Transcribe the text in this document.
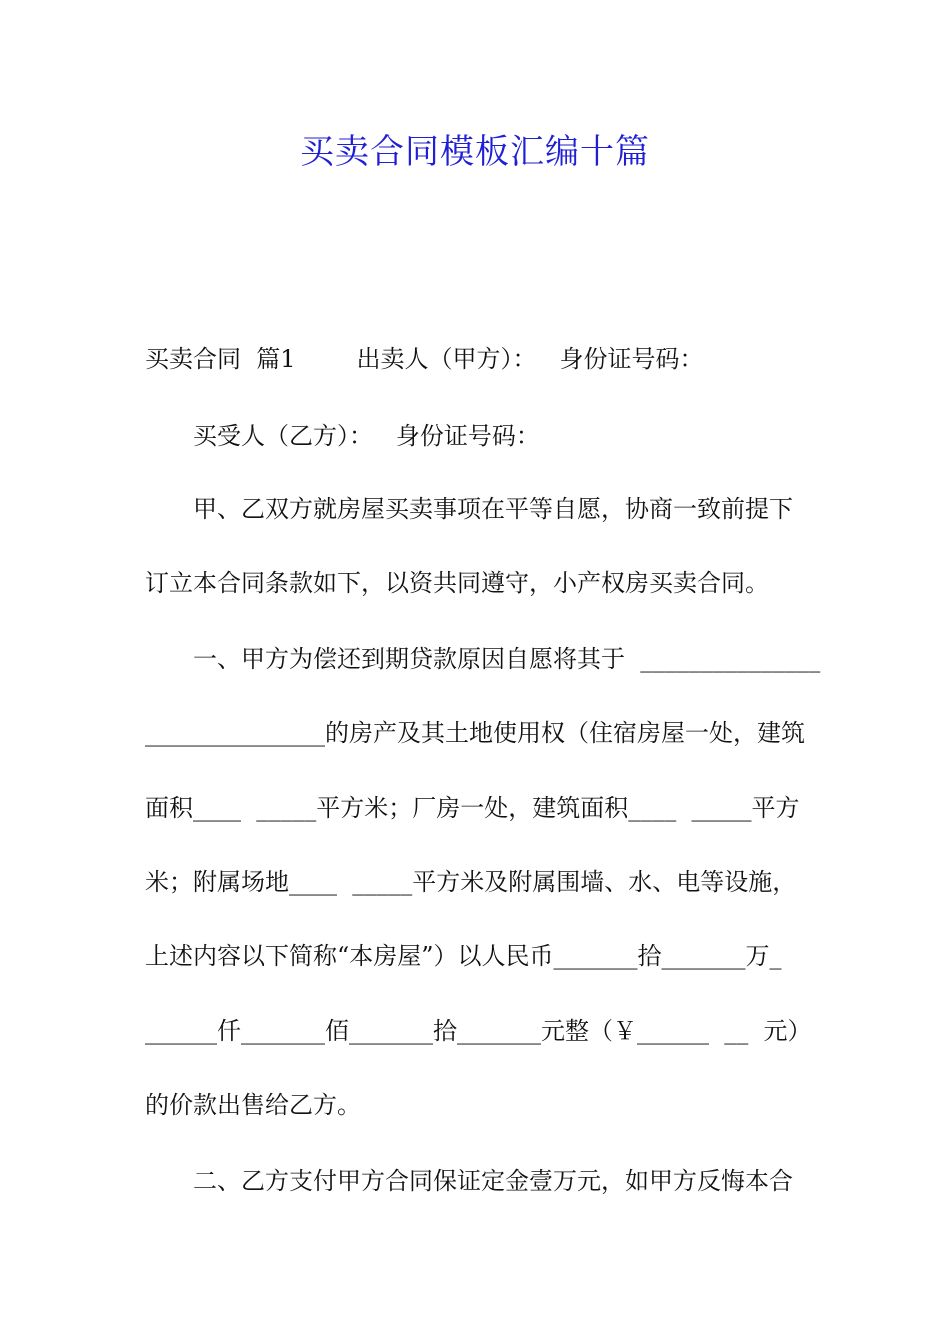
买卖合同模板汇编十篇
买卖合同  篇1        出卖人（甲方）：   身份证号码：
买受人（乙方）：   身份证号码：
甲、乙双方就房屋买卖事项在平等自愿，协商一致前提下
订立本合同条款如下，以资共同遵守，小产权房买卖合同。
一、甲方为偿还到期贷款原因自愿将其于  _______________
_______________的房产及其土地使用权（住宿房屋一处，建筑
面积____  _____平方米；厂房一处，建筑面积____  _____平方
米；附属场地____  _____平方米及附属围墙、水、电等设施，
上述内容以下简称“本房屋”）以人民币_______拾_______万_
______仟_______佰_______拾_______元整（￥______  __  元）
的价款出售给乙方。
二、乙方支付甲方合同保证定金壹万元，如甲方反悔本合
